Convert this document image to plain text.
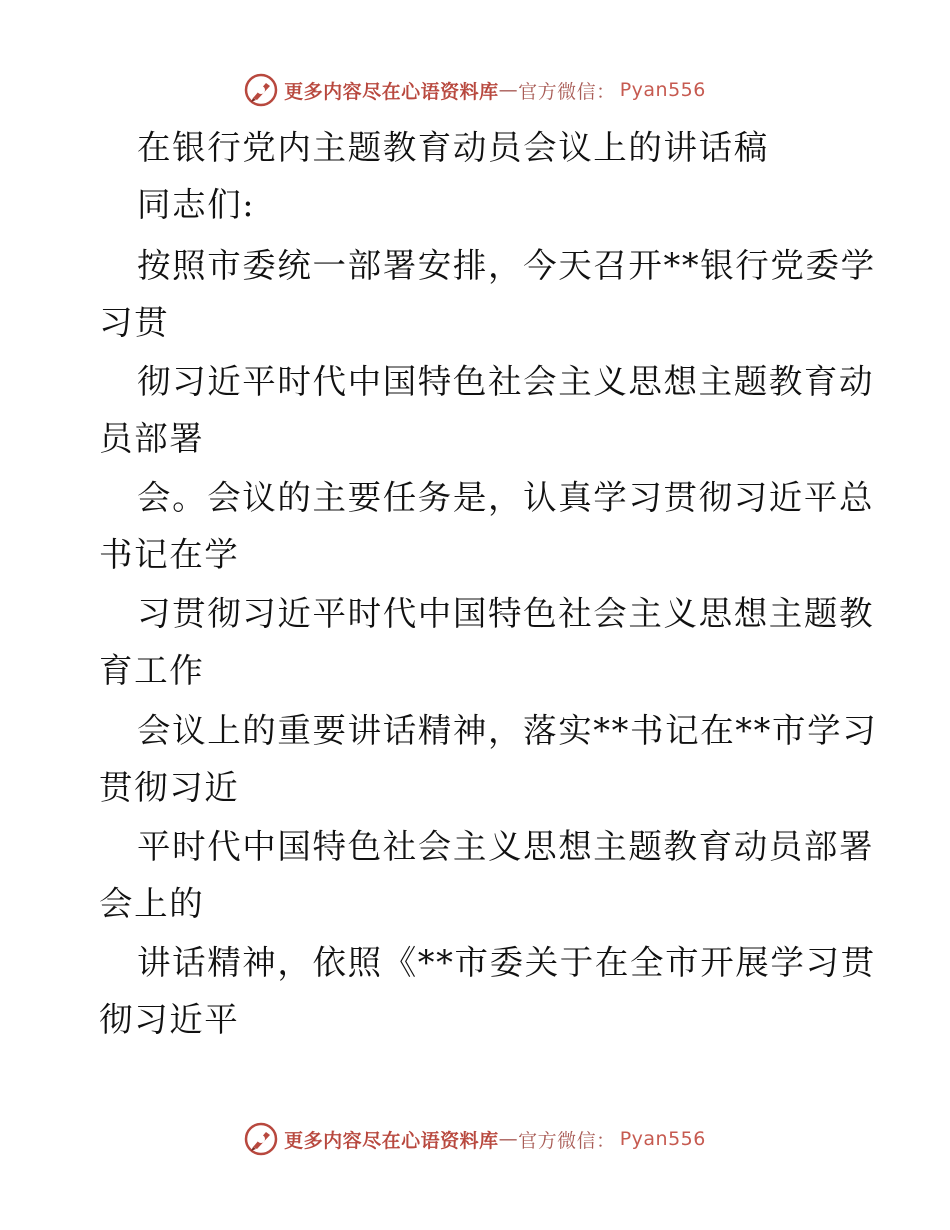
更多内容尽在心语资料库 — 官方微信： Pyan556
在银行党内主题教育动员会议上的讲话稿
同志们:
按照市委统一部署安排，今天召开**银行党委学
习贯
彻习近平时代中国特色社会主义思想主题教育动
员部署
会。会议的主要任务是，认真学习贯彻习近平总
书记在学
习贯彻习近平时代中国特色社会主义思想主题教
育工作
会议上的重要讲话精神，落实**书记在**市学习
贯彻习近
平时代中国特色社会主义思想主题教育动员部署
会上的
讲话精神，依照《**市委关于在全市开展学习贯
彻习近平
更多内容尽在心语资料库 — 官方微信： Pyan556
